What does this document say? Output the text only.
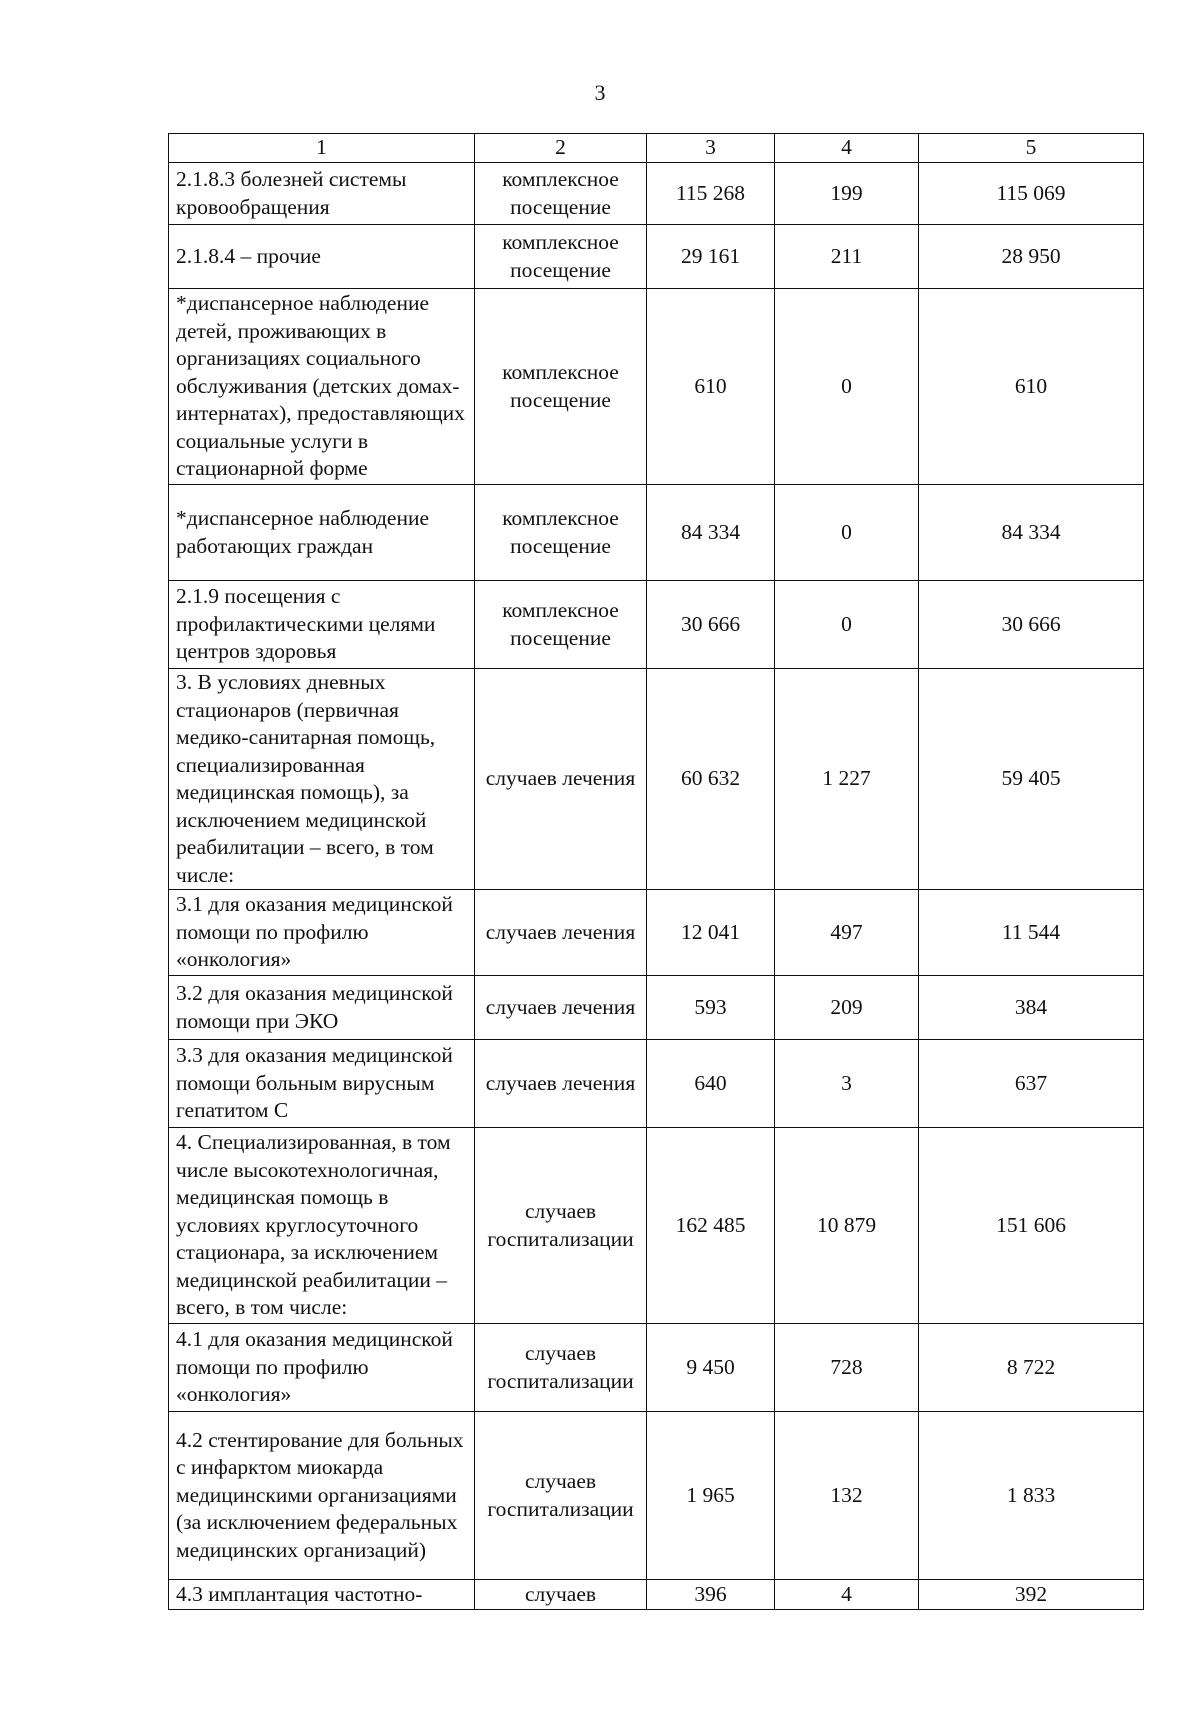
3
1	2	3	4	5
2.1.8.3 болезней системы кровообращения	комплексное посещение	115 268	199	115 069
2.1.8.4 – прочие	комплексное посещение	29 161	211	28 950
*диспансерное наблюдение детей, проживающих в организациях социального обслуживания (детских домах-интернатах), предоставляющих социальные услуги в стационарной форме	комплексное посещение	610	0	610
*диспансерное наблюдение работающих граждан	комплексное посещение	84 334	0	84 334
2.1.9 посещения с профилактическими целями центров здоровья	комплексное посещение	30 666	0	30 666
3. В условиях дневных стационаров (первичная медико-санитарная помощь, специализированная медицинская помощь), за исключением медицинской реабилитации – всего, в том числе:	случаев лечения	60 632	1 227	59 405
3.1 для оказания медицинской помощи по профилю «онкология»	случаев лечения	12 041	497	11 544
3.2 для оказания медицинской помощи при ЭКО	случаев лечения	593	209	384
3.3 для оказания медицинской помощи больным вирусным гепатитом С	случаев лечения	640	3	637
4. Специализированная, в том числе высокотехнологичная, медицинская помощь в условиях круглосуточного стационара, за исключением медицинской реабилитации – всего, в том числе:	случаев госпитализации	162 485	10 879	151 606
4.1 для оказания медицинской помощи по профилю «онкология»	случаев госпитализации	9 450	728	8 722
4.2 стентирование для больных с инфарктом миокарда медицинскими организациями (за исключением федеральных медицинских организаций)	случаев госпитализации	1 965	132	1 833
4.3 имплантация частотно-	случаев	396	4	392
